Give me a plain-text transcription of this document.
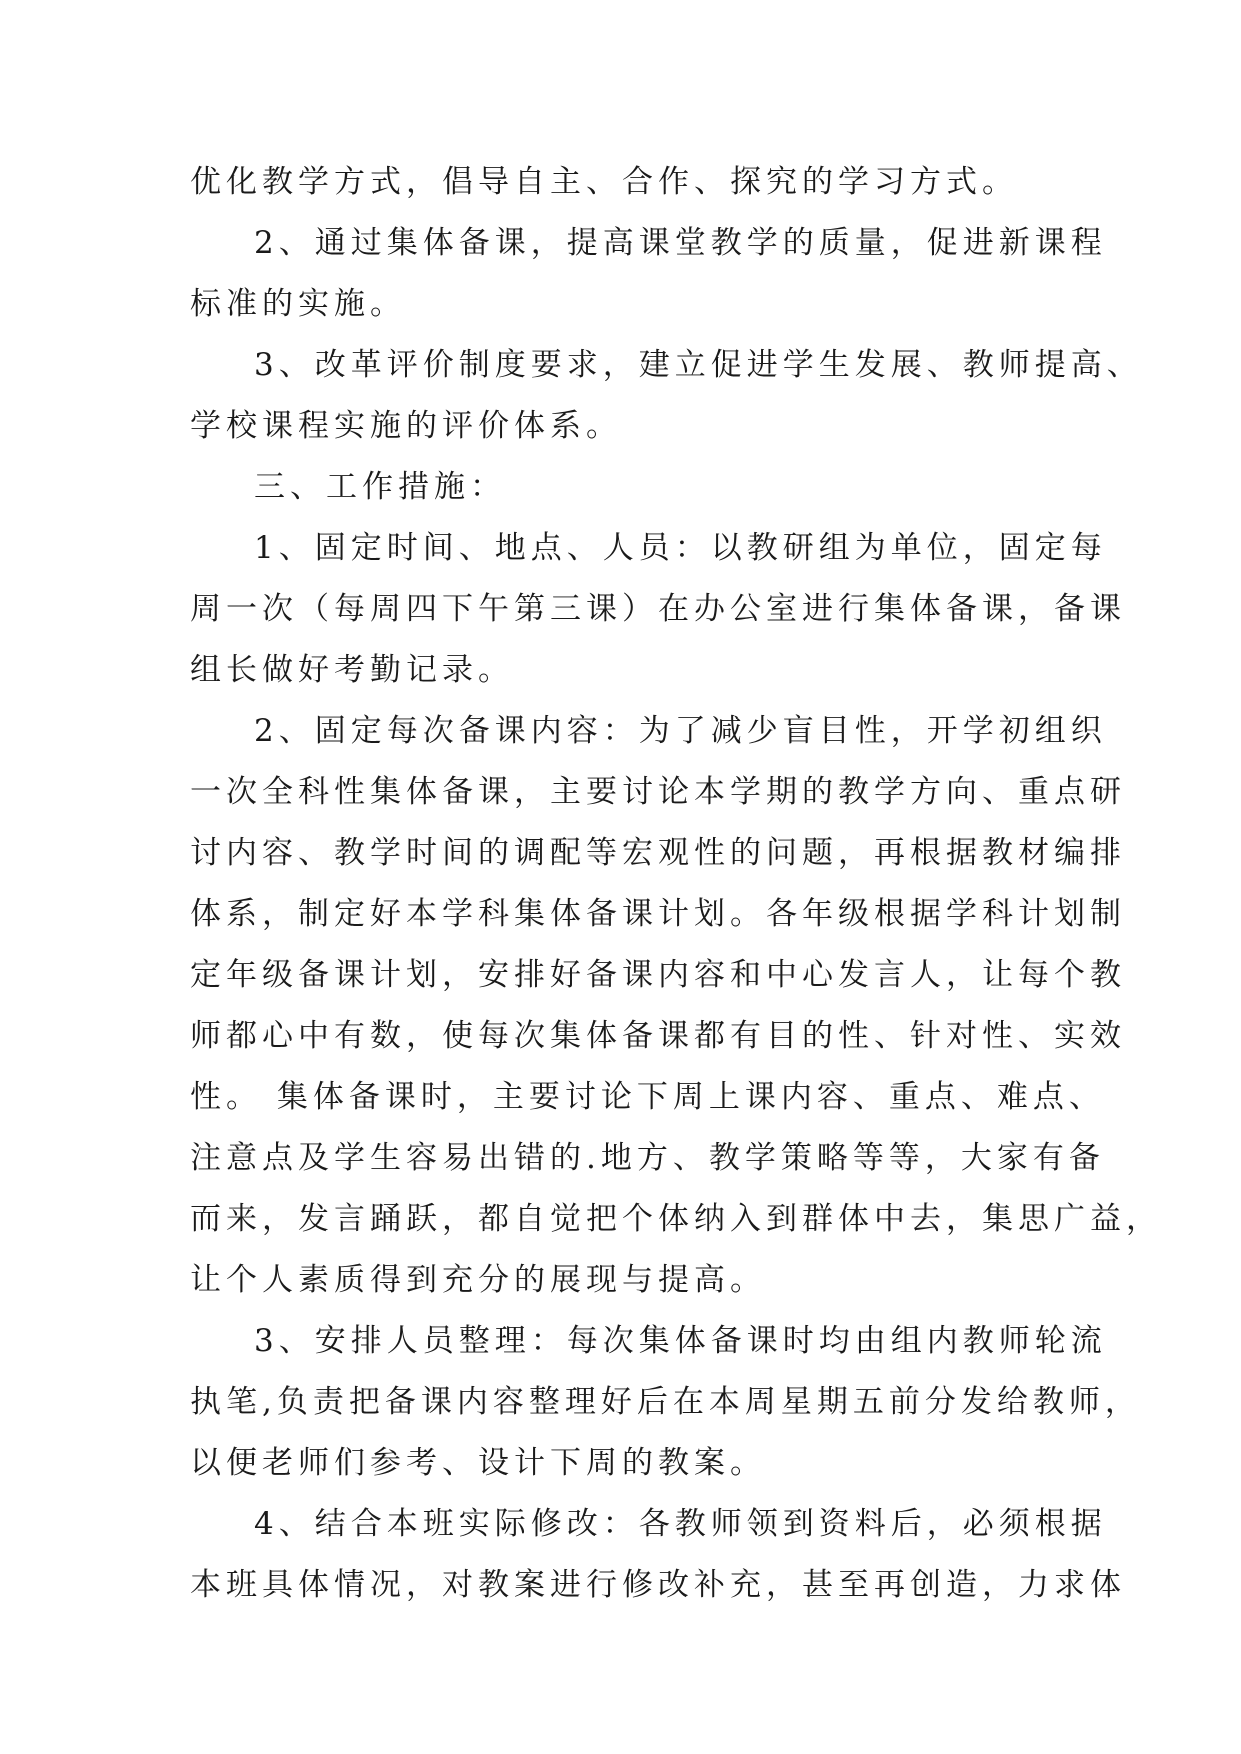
优化教学方式，倡导自主、合作、探究的学习方式。
2、通过集体备课，提高课堂教学的质量，促进新课程
标准的实施。
3、改革评价制度要求，建立促进学生发展、教师提高、
学校课程实施的评价体系。
三、工作措施：
1、固定时间、地点、人员：以教研组为单位，固定每
周一次（每周四下午第三课）在办公室进行集体备课，备课
组长做好考勤记录。
2、固定每次备课内容：为了减少盲目性，开学初组织
一次全科性集体备课，主要讨论本学期的教学方向、重点研
讨内容、教学时间的调配等宏观性的问题，再根据教材编排
体系，制定好本学科集体备课计划。各年级根据学科计划制
定年级备课计划，安排好备课内容和中心发言人，让每个教
师都心中有数，使每次集体备课都有目的性、针对性、实效
性。 集体备课时，主要讨论下周上课内容、重点、难点、
注意点及学生容易出错的.地方、教学策略等等，大家有备
而来，发言踊跃，都自觉把个体纳入到群体中去，集思广益，
让个人素质得到充分的展现与提高。
3、安排人员整理：每次集体备课时均由组内教师轮流
执笔,负责把备课内容整理好后在本周星期五前分发给教师，
以便老师们参考、设计下周的教案。
4、结合本班实际修改：各教师领到资料后，必须根据
本班具体情况，对教案进行修改补充，甚至再创造，力求体
